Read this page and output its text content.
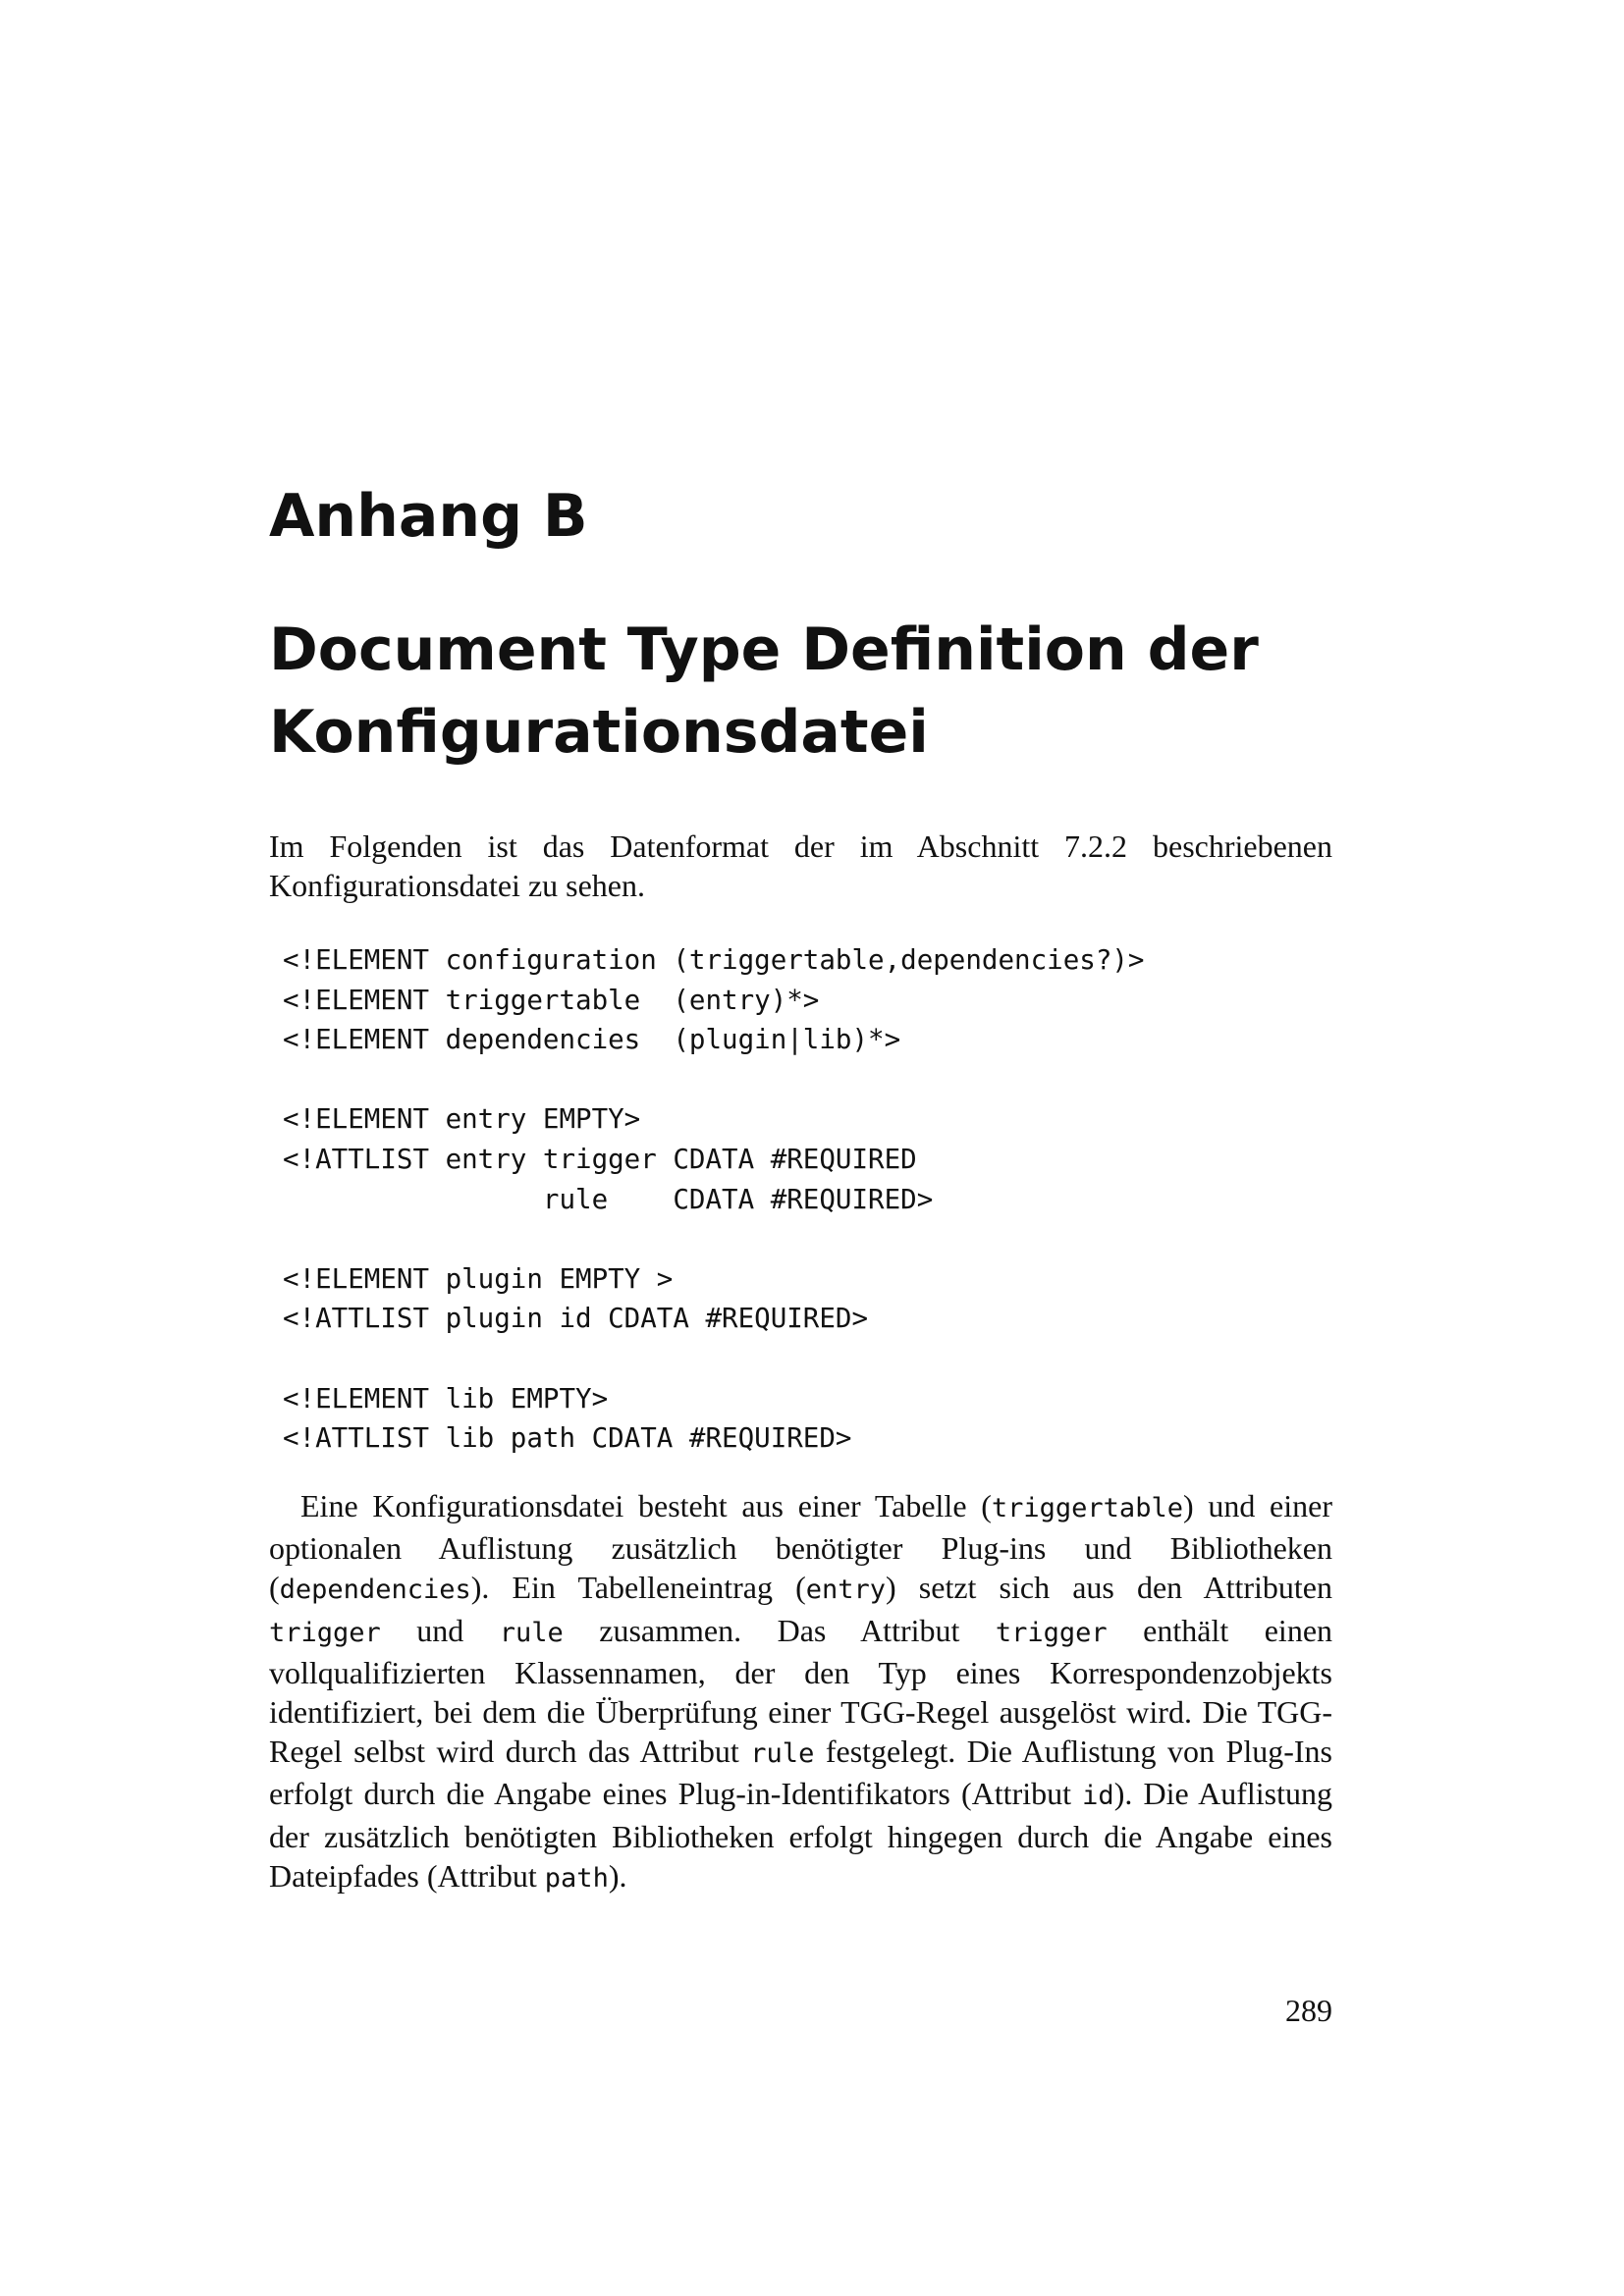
Anhang B
Document Type Definition der Konfigurationsdatei

Im Folgenden ist das Datenformat der im Abschnitt 7.2.2 beschriebenen Konfigurationsdatei zu sehen.

<!ELEMENT configuration (triggertable,dependencies?)>
<!ELEMENT triggertable  (entry)*>
<!ELEMENT dependencies  (plugin|lib)*>
<!ELEMENT entry EMPTY>
<!ATTLIST entry trigger CDATA #REQUIRED
rule    CDATA #REQUIRED>
<!ELEMENT plugin EMPTY >
<!ATTLIST plugin id CDATA #REQUIRED>
<!ELEMENT lib EMPTY>
<!ATTLIST lib path CDATA #REQUIRED>

Eine Konfigurationsdatei besteht aus einer Tabelle (triggertable) und einer optionalen Auflistung zusätzlich benötigter Plug-ins und Bibliotheken (dependencies). Ein Tabelleneintrag (entry) setzt sich aus den Attributen trigger und rule zusammen. Das Attribut trigger enthält einen vollqualifizierten Klassennamen, der den Typ eines Korrespondenzobjekts identifiziert, bei dem die Überprüfung einer TGG-Regel ausgelöst wird. Die TGG-Regel selbst wird durch das Attribut rule festgelegt. Die Auflistung von Plug-Ins erfolgt durch die Angabe eines Plug-in-Identifikators (Attribut id). Die Auflistung der zusätzlich benötigten Bibliotheken erfolgt hingegen durch die Angabe eines Dateipfades (Attribut path).

289
